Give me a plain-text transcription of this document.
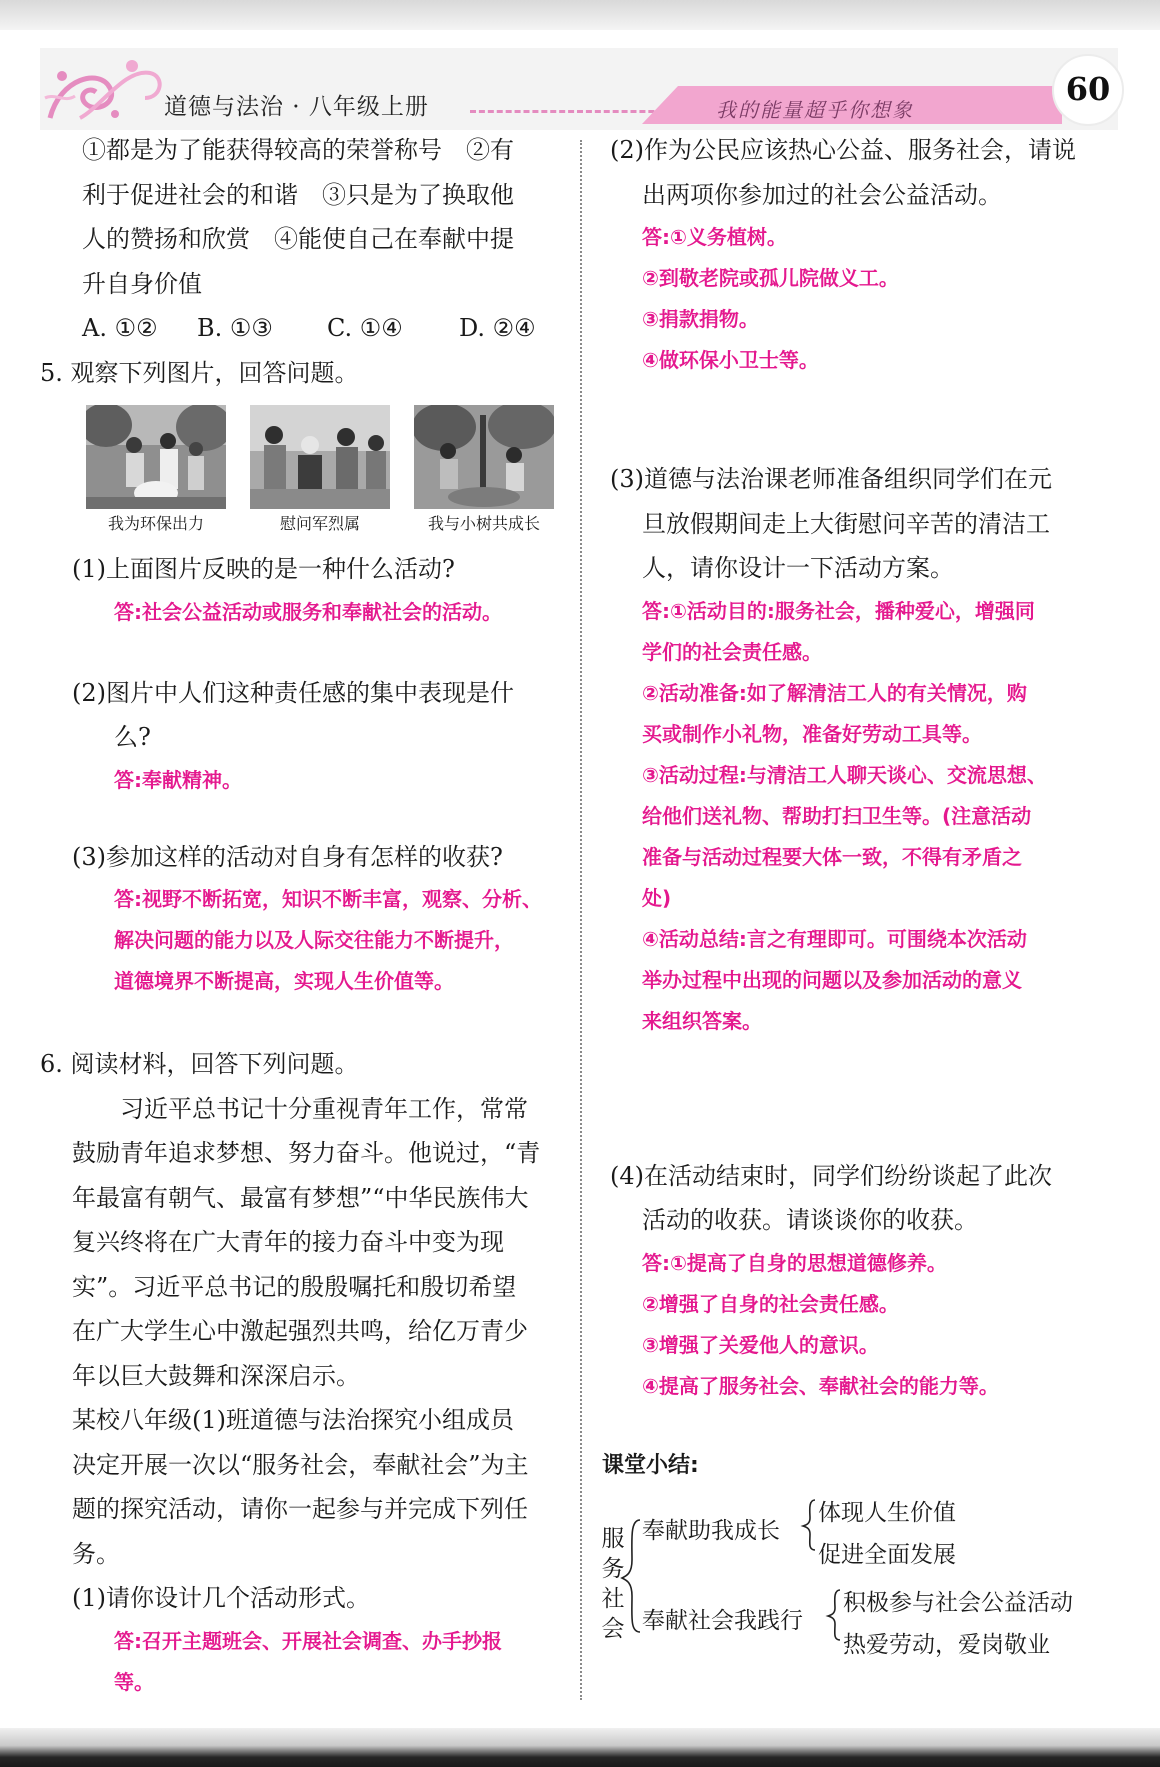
道德与法治 · 八年级上册	我的能量超乎你想象
60
①都是为了能获得较高的荣誉称号　②有
利于促进社会的和谐　③只是为了换取他
人的赞扬和欣赏　④能使自己在奉献中提
升自身价值
A. ①②	B. ①③	C. ①④	D. ②④
5. 观察下列图片，回答问题。
我为环保出力	慰问军烈属	我与小树共成长
(1)上面图片反映的是一种什么活动?
答:社会公益活动或服务和奉献社会的活动。
(2)图片中人们这种责任感的集中表现是什
么?
答:奉献精神。
(3)参加这样的活动对自身有怎样的收获?
答:视野不断拓宽，知识不断丰富，观察、分析、
解决问题的能力以及人际交往能力不断提升，
道德境界不断提高，实现人生价值等。
6. 阅读材料，回答下列问题。
　　习近平总书记十分重视青年工作，常常
鼓励青年追求梦想、努力奋斗。他说过，“青
年最富有朝气、最富有梦想”“中华民族伟大
复兴终将在广大青年的接力奋斗中变为现
实”。习近平总书记的殷殷嘱托和殷切希望
在广大学生心中激起强烈共鸣，给亿万青少
年以巨大鼓舞和深深启示。
某校八年级(1)班道德与法治探究小组成员
决定开展一次以“服务社会，奉献社会”为主
题的探究活动，请你一起参与并完成下列任
务。
(1)请你设计几个活动形式。
答:召开主题班会、开展社会调查、办手抄报
等。
(2)作为公民应该热心公益、服务社会，请说
出两项你参加过的社会公益活动。
答:①义务植树。
②到敬老院或孤儿院做义工。
③捐款捐物。
④做环保小卫士等。
(3)道德与法治课老师准备组织同学们在元
旦放假期间走上大街慰问辛苦的清洁工
人，请你设计一下活动方案。
答:①活动目的:服务社会，播种爱心，增强同
学们的社会责任感。
②活动准备:如了解清洁工人的有关情况，购
买或制作小礼物，准备好劳动工具等。
③活动过程:与清洁工人聊天谈心、交流思想、
给他们送礼物、帮助打扫卫生等。(注意活动
准备与活动过程要大体一致，不得有矛盾之
处)
④活动总结:言之有理即可。可围绕本次活动
举办过程中出现的问题以及参加活动的意义
来组织答案。
(4)在活动结束时，同学们纷纷谈起了此次
活动的收获。请谈谈你的收获。
答:①提高了自身的思想道德修养。
②增强了自身的社会责任感。
③增强了关爱他人的意识。
④提高了服务社会、奉献社会的能力等。
课堂小结:
服
务
社
会
奉献助我成长
体现人生价值
促进全面发展
奉献社会我践行
积极参与社会公益活动
热爱劳动，爱岗敬业
